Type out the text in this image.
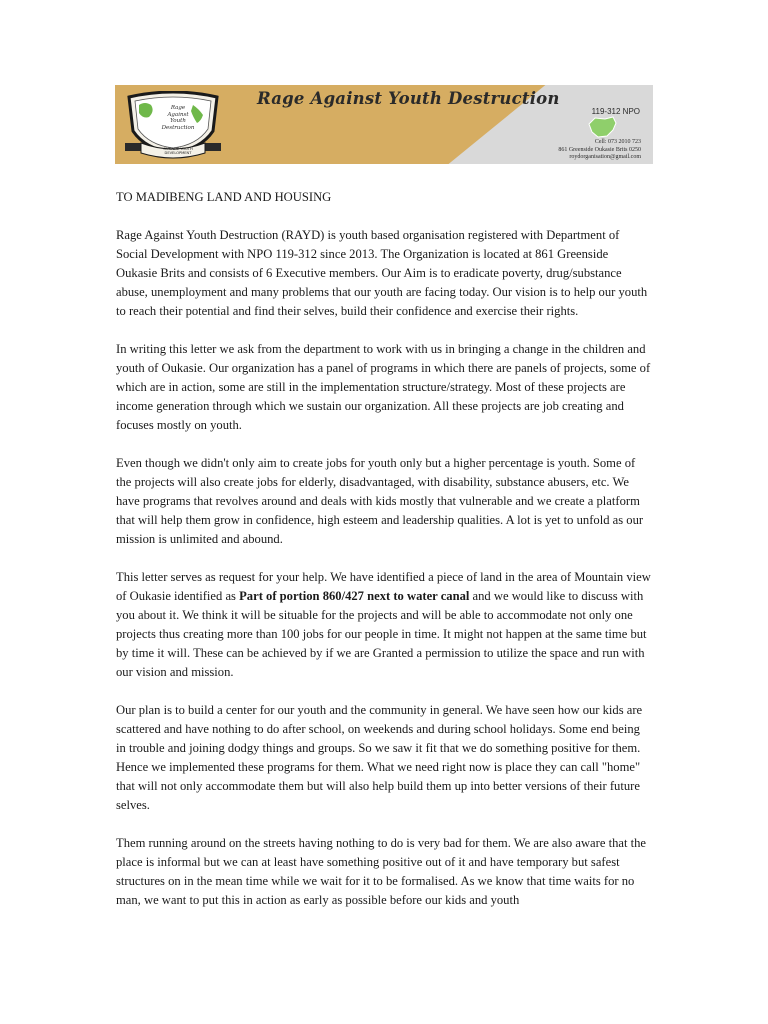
Rage
Against
Youth
Destruction
OUKASIE YOUTH
DEVELOPMENT
Rage Against Youth Destruction
119-312 NPO
Cell: 073 2010 723
861 Greenside Oukasie Brits 0250
roydorganisation@gmail.com

TO MADIBENG LAND AND HOUSING

Rage Against Youth Destruction (RAYD) is youth based organisation registered with Department of Social Development with NPO 119-312 since 2013. The Organization is located at 861 Greenside Oukasie Brits and consists of 6 Executive members. Our Aim is to eradicate poverty, drug/substance abuse, unemployment and many problems that our youth are facing today. Our vision is to help our youth to reach their potential and find their selves, build their confidence and exercise their rights.

In writing this letter we ask from the department to work with us in bringing a change in the children and youth of Oukasie. Our organization has a panel of programs in which there are panels of projects, some of which are in action, some are still in the implementation structure/strategy. Most of these projects are income generation through which we sustain our organization. All these projects are job creating and focuses mostly on youth.

Even though we didn't only aim to create jobs for youth only but a higher percentage is youth. Some of the projects will also create jobs for elderly, disadvantaged, with disability, substance abusers, etc. We have programs that revolves around and deals with kids mostly that vulnerable and we create a platform that will help them grow in confidence, high esteem and leadership qualities. A lot is yet to unfold as our mission is unlimited and abound.

This letter serves as request for your help. We have identified a piece of land in the area of Mountain view of Oukasie identified as Part of portion 860/427 next to water canal and we would like to discuss with you about it. We think it will be situable for the projects and will be able to accommodate not only one projects thus creating more than 100 jobs for our people in time. It might not happen at the same time but by time it will. These can be achieved by if we are Granted a permission to utilize the space and run with our vision and mission.

Our plan is to build a center for our youth and the community in general. We have seen how our kids are scattered and have nothing to do after school, on weekends and during school holidays. Some end being in trouble and joining dodgy things and groups. So we saw it fit that we do something positive for them. Hence we implemented these programs for them. What we need right now is place they can call "home" that will not only accommodate them but will also help build them up into better versions of their future selves.

Them running around on the streets having nothing to do is very bad for them. We are also aware that the place is informal but we can at least have something positive out of it and have temporary but safest structures on in the mean time while we wait for it to be formalised. As we know that time waits for no man, we want to put this in action as early as possible before our kids and youth
